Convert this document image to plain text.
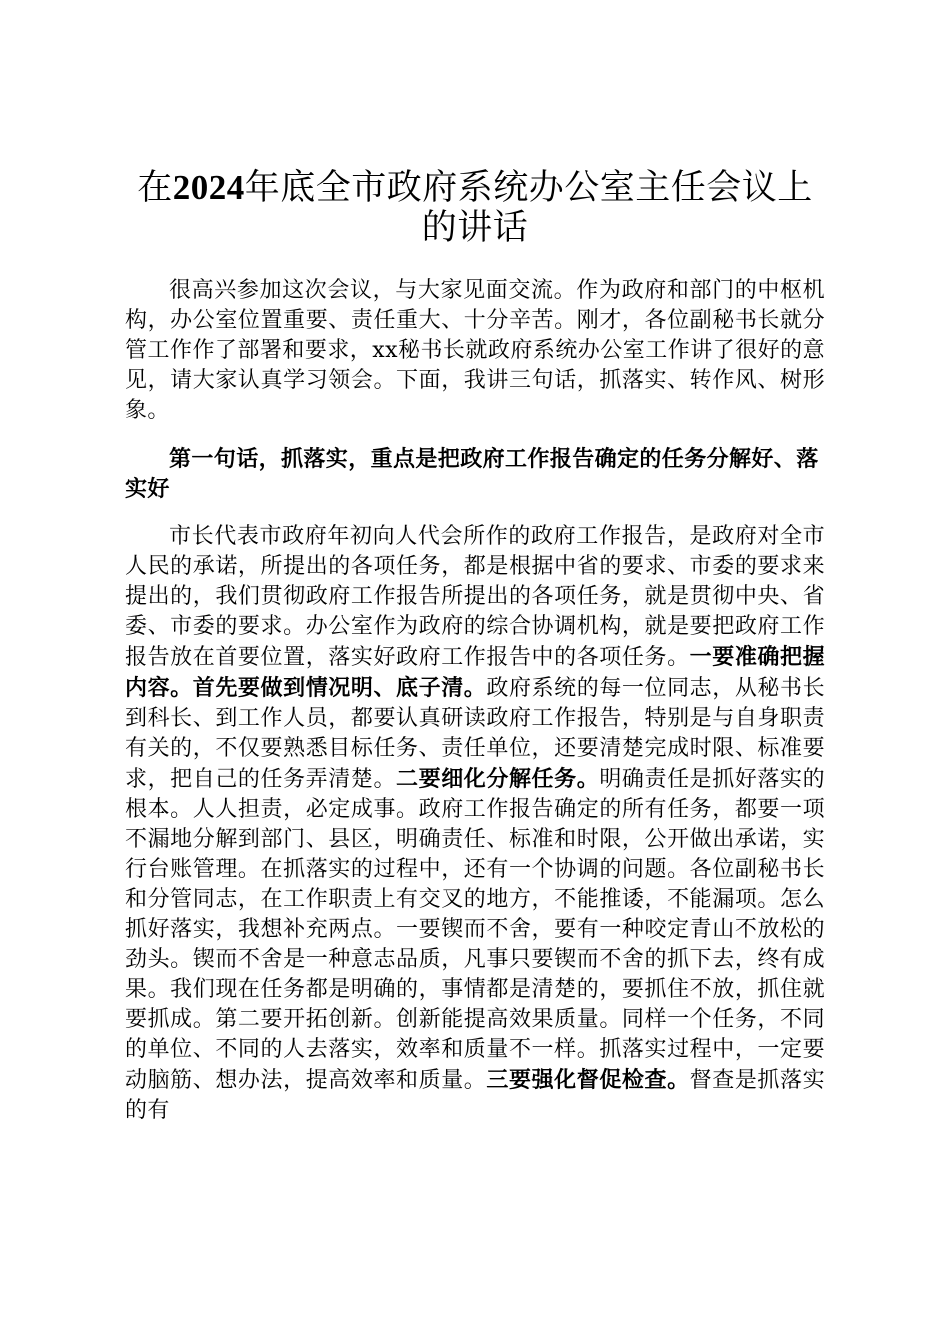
在2024年底全市政府系统办公室主任会议上的讲话

很高兴参加这次会议，与大家见面交流。作为政府和部门的中枢机构，办公室位置重要、责任重大、十分辛苦。刚才，各位副秘书长就分管工作作了部署和要求，xx秘书长就政府系统办公室工作讲了很好的意见，请大家认真学习领会。下面，我讲三句话，抓落实、转作风、树形象。

第一句话，抓落实，重点是把政府工作报告确定的任务分解好、落实好

市长代表市政府年初向人代会所作的政府工作报告，是政府对全市人民的承诺，所提出的各项任务，都是根据中省的要求、市委的要求来提出的，我们贯彻政府工作报告所提出的各项任务，就是贯彻中央、省委、市委的要求。办公室作为政府的综合协调机构，就是要把政府工作报告放在首要位置，落实好政府工作报告中的各项任务。一要准确把握内容。首先要做到情况明、底子清。政府系统的每一位同志，从秘书长到科长、到工作人员，都要认真研读政府工作报告，特别是与自身职责有关的，不仅要熟悉目标任务、责任单位，还要清楚完成时限、标准要求，把自己的任务弄清楚。二要细化分解任务。明确责任是抓好落实的根本。人人担责，必定成事。政府工作报告确定的所有任务，都要一项不漏地分解到部门、县区，明确责任、标准和时限，公开做出承诺，实行台账管理。在抓落实的过程中，还有一个协调的问题。各位副秘书长和分管同志，在工作职责上有交叉的地方，不能推诿，不能漏项。怎么抓好落实，我想补充两点。一要锲而不舍，要有一种咬定青山不放松的劲头。锲而不舍是一种意志品质，凡事只要锲而不舍的抓下去，终有成果。我们现在任务都是明确的，事情都是清楚的，要抓住不放，抓住就要抓成。第二要开拓创新。创新能提高效果质量。同样一个任务，不同的单位、不同的人去落实，效率和质量不一样。抓落实过程中，一定要动脑筋、想办法，提高效率和质量。三要强化督促检查。督查是抓落实的有
